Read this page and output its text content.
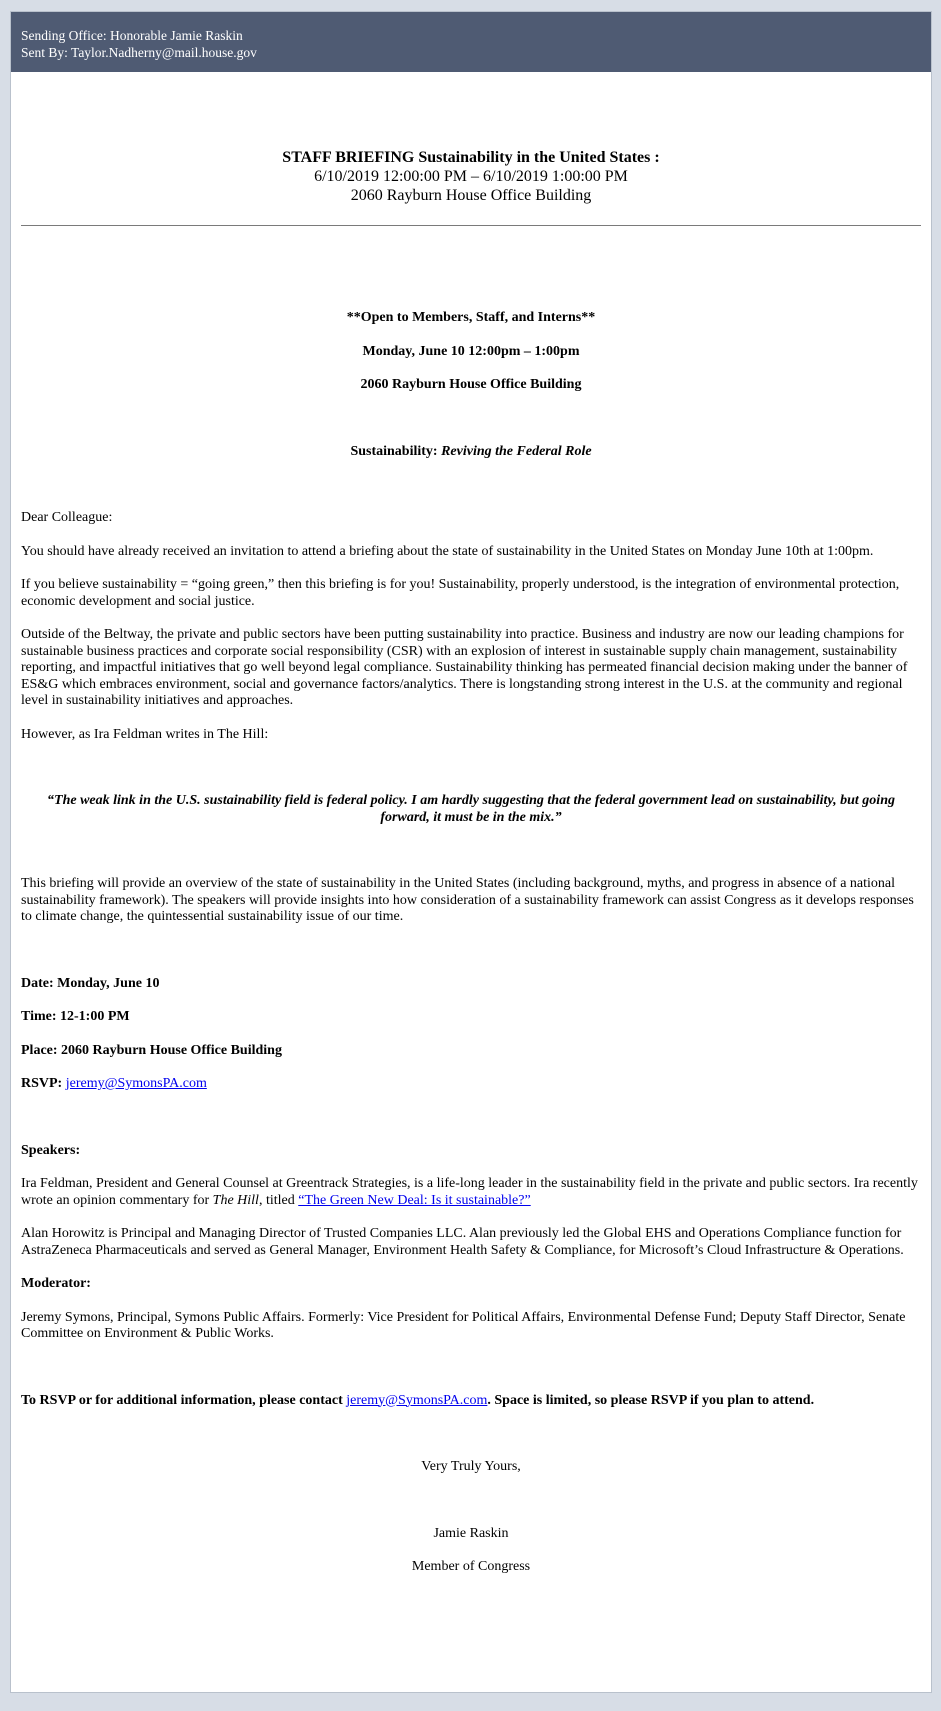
Sending Office: Honorable Jamie Raskin
Sent By: Taylor.Nadherny@mail.house.gov
STAFF BRIEFING Sustainability in the United States :
6/10/2019 12:00:00 PM – 6/10/2019 1:00:00 PM
2060 Rayburn House Office Building

**Open to Members, Staff, and Interns**

Monday, June 10 12:00pm – 1:00pm

2060 Rayburn House Office Building

Sustainability: Reviving the Federal Role

Dear Colleague:

You should have already received an invitation to attend a briefing about the state of sustainability in the United States on Monday June 10th at 1:00pm.

If you believe sustainability = “going green,” then this briefing is for you! Sustainability, properly understood, is the integration of environmental protection, economic development and social justice.

Outside of the Beltway, the private and public sectors have been putting sustainability into practice. Business and industry are now our leading champions for sustainable business practices and corporate social responsibility (CSR) with an explosion of interest in sustainable supply chain management, sustainability reporting, and impactful initiatives that go well beyond legal compliance. Sustainability thinking has permeated financial decision making under the banner of ES&G which embraces environment, social and governance factors/analytics. There is longstanding strong interest in the U.S. at the community and regional level in sustainability initiatives and approaches.

However, as Ira Feldman writes in The Hill:

“The weak link in the U.S. sustainability field is federal policy. I am hardly suggesting that the federal government lead on sustainability, but going forward, it must be in the mix.”

This briefing will provide an overview of the state of sustainability in the United States (including background, myths, and progress in absence of a national sustainability framework). The speakers will provide insights into how consideration of a sustainability framework can assist Congress as it develops responses to climate change, the quintessential sustainability issue of our time.

Date: Monday, June 10

Time: 12-1:00 PM

Place: 2060 Rayburn House Office Building

RSVP: jeremy@SymonsPA.com

Speakers:

Ira Feldman, President and General Counsel at Greentrack Strategies, is a life-long leader in the sustainability field in the private and public sectors. Ira recently wrote an opinion commentary for The Hill, titled “The Green New Deal: Is it sustainable?”

Alan Horowitz is Principal and Managing Director of Trusted Companies LLC. Alan previously led the Global EHS and Operations Compliance function for AstraZeneca Pharmaceuticals and served as General Manager, Environment Health Safety & Compliance, for Microsoft’s Cloud Infrastructure & Operations.

Moderator:

Jeremy Symons, Principal, Symons Public Affairs. Formerly: Vice President for Political Affairs, Environmental Defense Fund; Deputy Staff Director, Senate Committee on Environment & Public Works.

To RSVP or for additional information, please contact jeremy@SymonsPA.com. Space is limited, so please RSVP if you plan to attend.

Very Truly Yours,

Jamie Raskin

Member of Congress
